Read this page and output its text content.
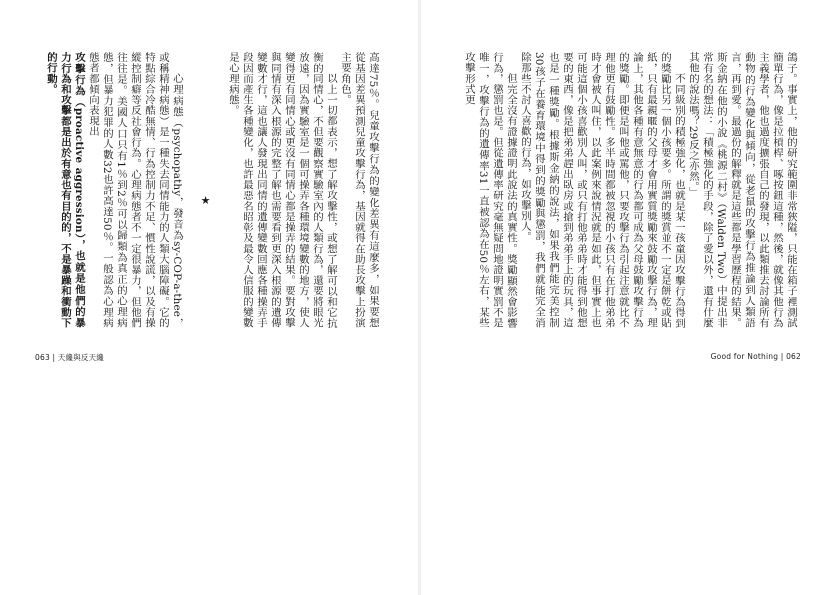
高達75％。兒童攻擊行為的變化差異有這麼多，如果要想從基因差異預測兒童攻擊行為，基因就得在助長攻擊上扮演主要角色。

以上一切都表示，想了解攻擊性，或想了解可以和它抗衡的同情心，不但要觀察實驗室內的人類行為，還要將眼光放遠，因為實驗室是一個可操弄各種環境變數的地方，使人變得更有同情心或更沒有同情心都是操弄的結果。要對攻擊與同情有深入根源的完整了解也需要看到更深入根源的遺傳變數才行，這也讓人發現出同情的遺傳變數回應各種操弄手段因而產生各種變化，也許最惡名昭彰及最令人信服的變數是心理病態。

★

心理病態（psychopathy，發音為sy-COP-a-thee，或稱精神病態）是一種失去同情能力的人類大腦障礙。它的特點綜合冷酷無情、行為控制力不足、慣性說謊，以及有操縱控制癖等反社會行為。心理病態者不一定很暴力，但他們往往是。美國人口只有1％到2％可以歸類為真正的心理病態，但暴力犯罪的人數32也許高達50％。一般認為心理病態者都傾向表現出

攻擊行為（proactive aggression），也就是他們的暴力行為和攻擊都是出於有意也有目的的，不是暴躁和衝動下的行動。

063 | 天纔與反天纔

鴿子。事實上，他的研究範圍非常狹隘，只能在箱子裡測試簡單行為，像是拉槓桿、啄按鈕這種，然後，就像其他行為主義學者，他也過度擴張自己的發現，以此類推去討論所有動物的行為變化與傾向，從老鼠的攻擊行為推論到人類語言，再到愛。最過份的解釋就是這些都是學習歷程的結果。斯金納在他的小說《桃源二村》（Walden Two）中提出非常有名的想法：「積極強化的手段，除了愛以外，還有什麼其他的說法嗎？29反之亦然。」

不同級別的積極強化，也就是某一孩童因攻擊行為得到的獎勵比另一個小孩要多。所謂的獎賞並不一定是餅乾或貼紙，只有最親暱的父母才會用實質獎勵來鼓勵攻擊行為，理論上，其他各種有意無意的行為都可成為父母鼓勵攻擊行為的獎勵。即便是叫他或罵他，只要攻擊行為引起注意就比不理他更有鼓勵性。多半時間都被忽視的小孩只有在打他弟弟時才會被人叫住，以此案例來說情況就是如此，但事實上也可能這個小孩喜歡別人叫，或只有打他弟弟時才能得到他想要的東西，像是把弟弟趕出臥房或搶到弟弟手上的玩具，這也是一種獎勵。根據斯金納的說法，如果我們能完美控制30孩子在養育環境中得到的獎勵與懲罰，我們就能完全消除那些不討人喜歡的行為，如攻擊別人。

但完全沒有證據證明此說法的真實性。獎勵顯然會影響行為，懲罰也是。但從遺傳率研究毫無疑問地證明實罰不是唯一，攻擊行為的遺傳率31一直被認為在50％左右，某些攻擊形式更

Good for Nothing | 062
